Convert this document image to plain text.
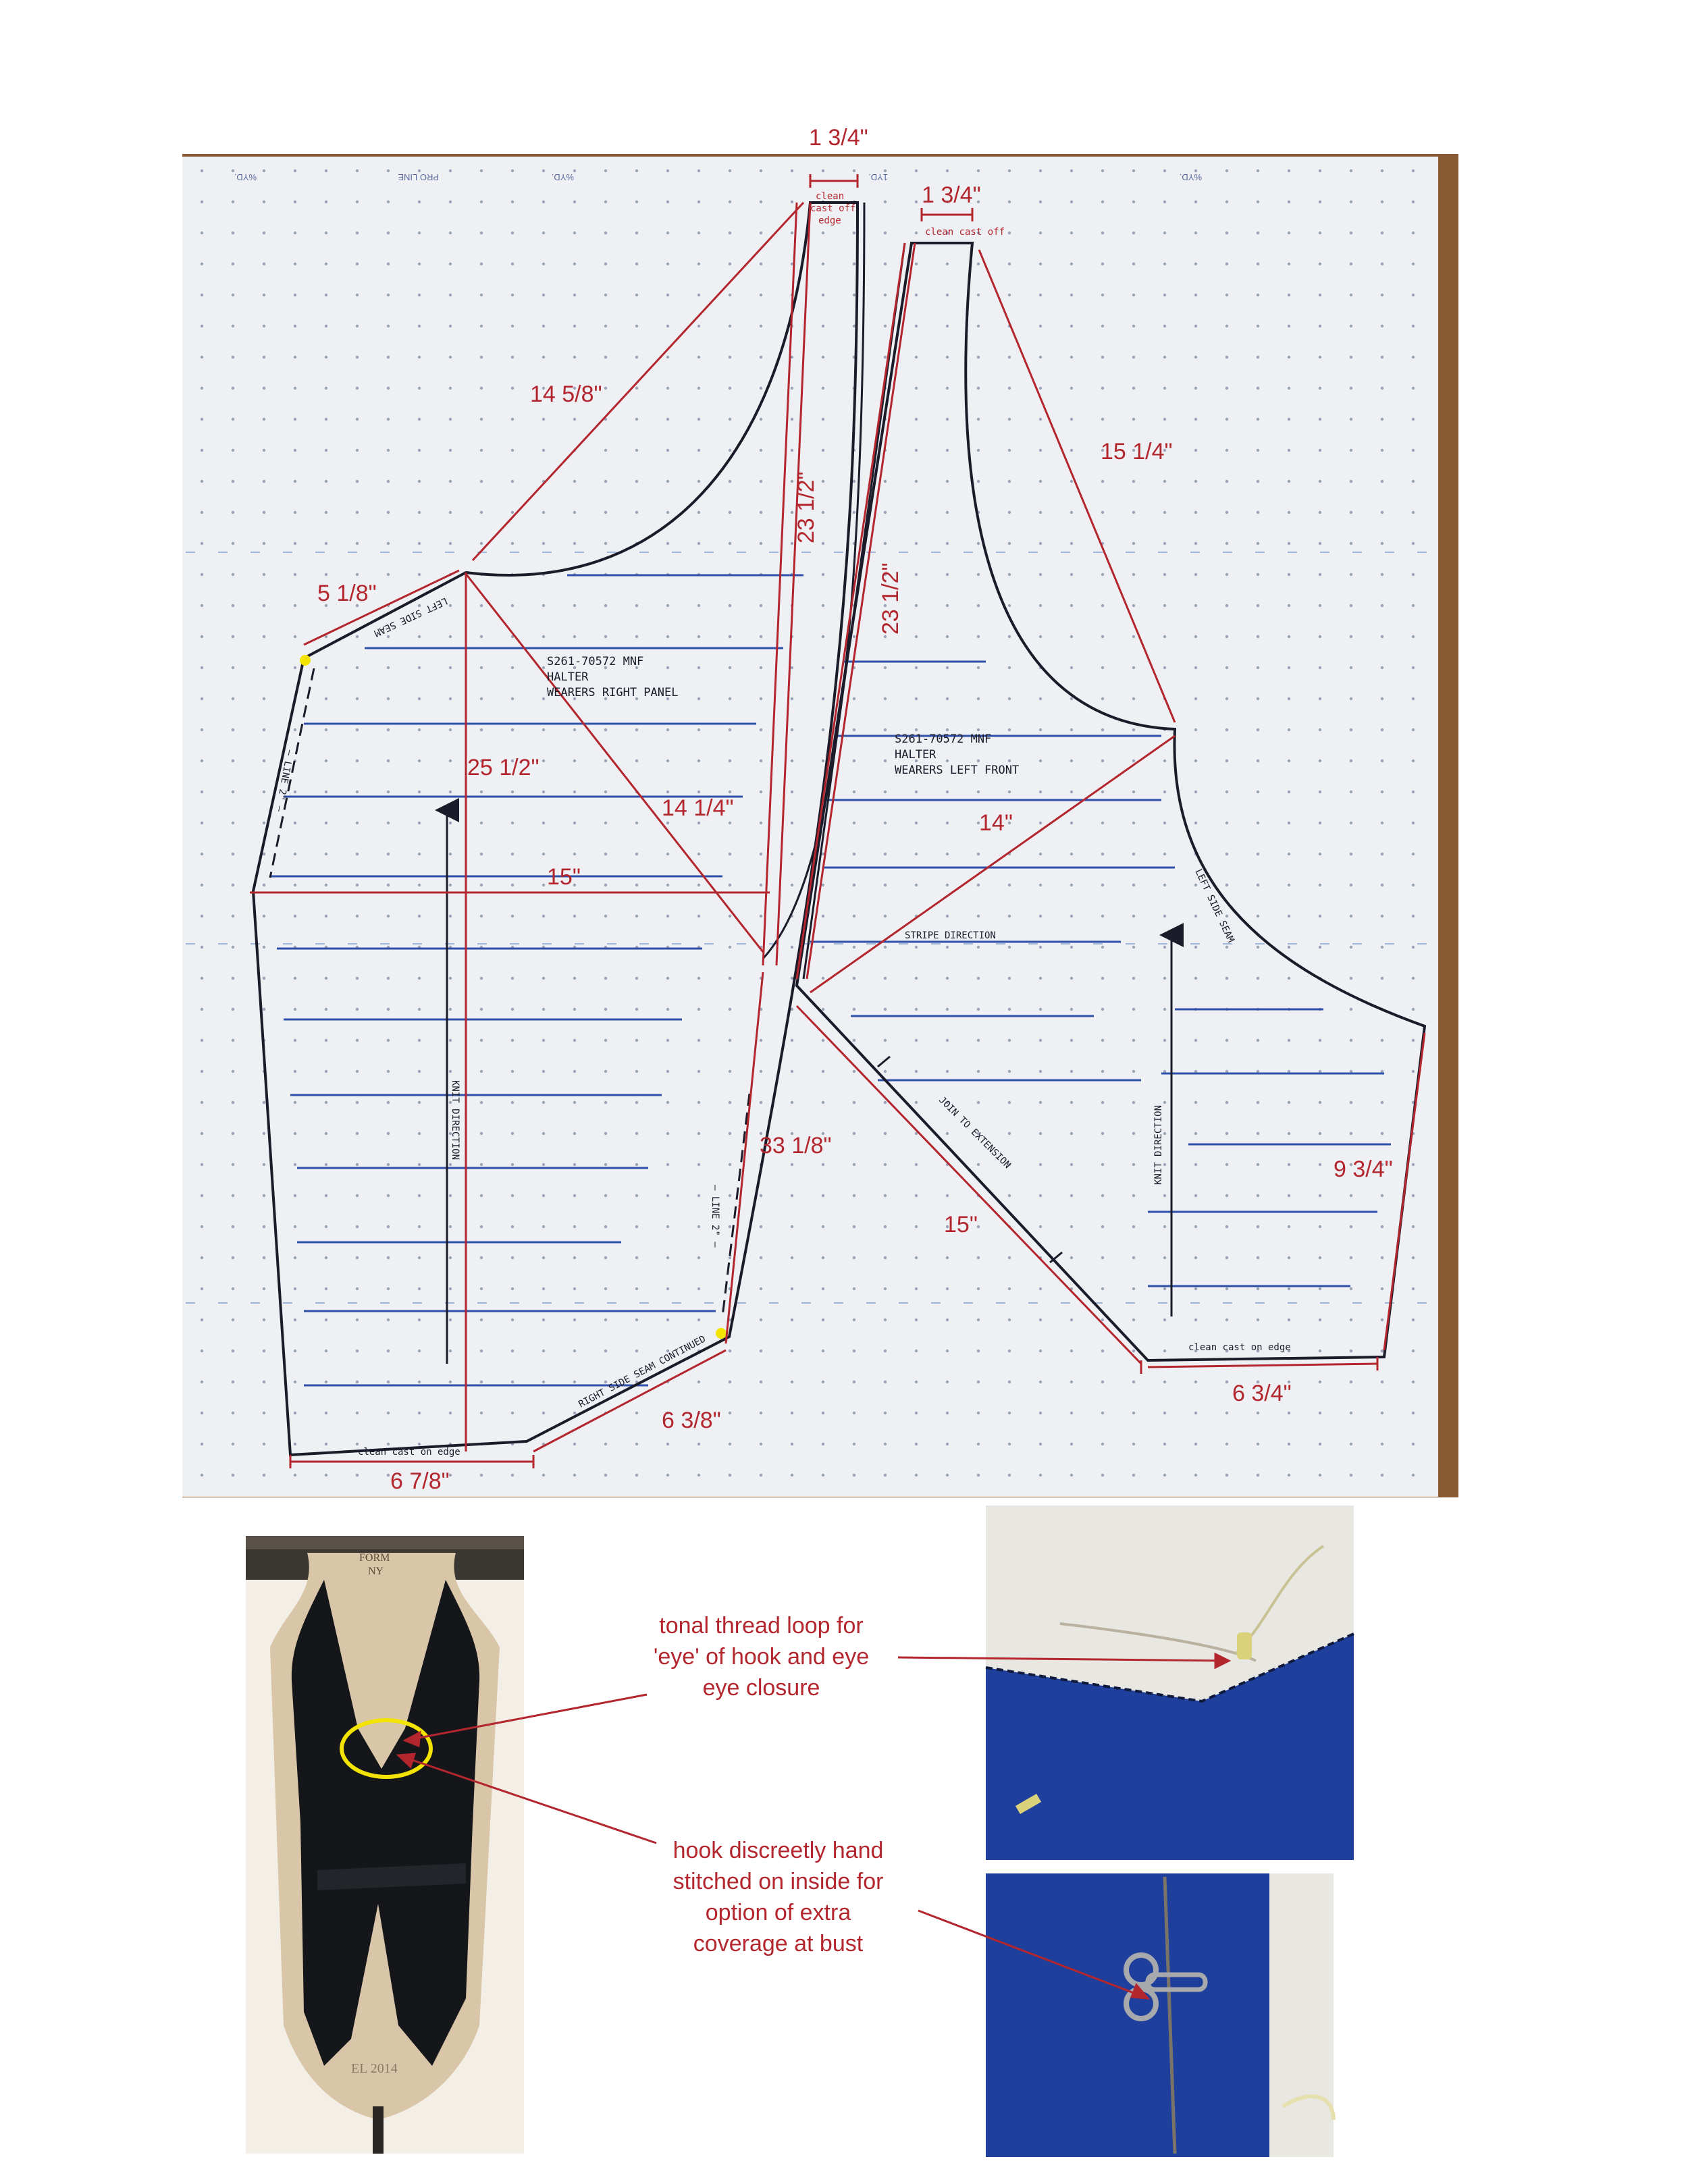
%YD.	PRO LINE	%YD.	1YD.	%YD.
1 3/4"
1 3/4"
14 5/8"
5 1/8"
25 1/2"
14 1/4"
15"
23 1/2"
23 1/2"
15 1/4"
14"
33 1/8"
15"
9 3/4"
6 3/4"
6 3/8"
6 7/8"
clean
cast off
edge
clean cast off
S261-70572 MNF
HALTER
WEARERS RIGHT PANEL
S261-70572 MNF
HALTER
WEARERS LEFT FRONT
LEFT SIDE SEAM
— LINE 2" —
KNIT DIRECTION
— LINE 2" —
RIGHT SIDE SEAM CONTINUED
clean cast on edge
LEFT SIDE SEAM
STRIPE DIRECTION
JOIN TO EXTENSION	KNIT DIRECTION
clean cast on edge
FORM
NY
EL 2014
tonal thread loop for 'eye' of hook and eye eye closure
hook discreetly hand stitched on inside for option of extra coverage at bust
